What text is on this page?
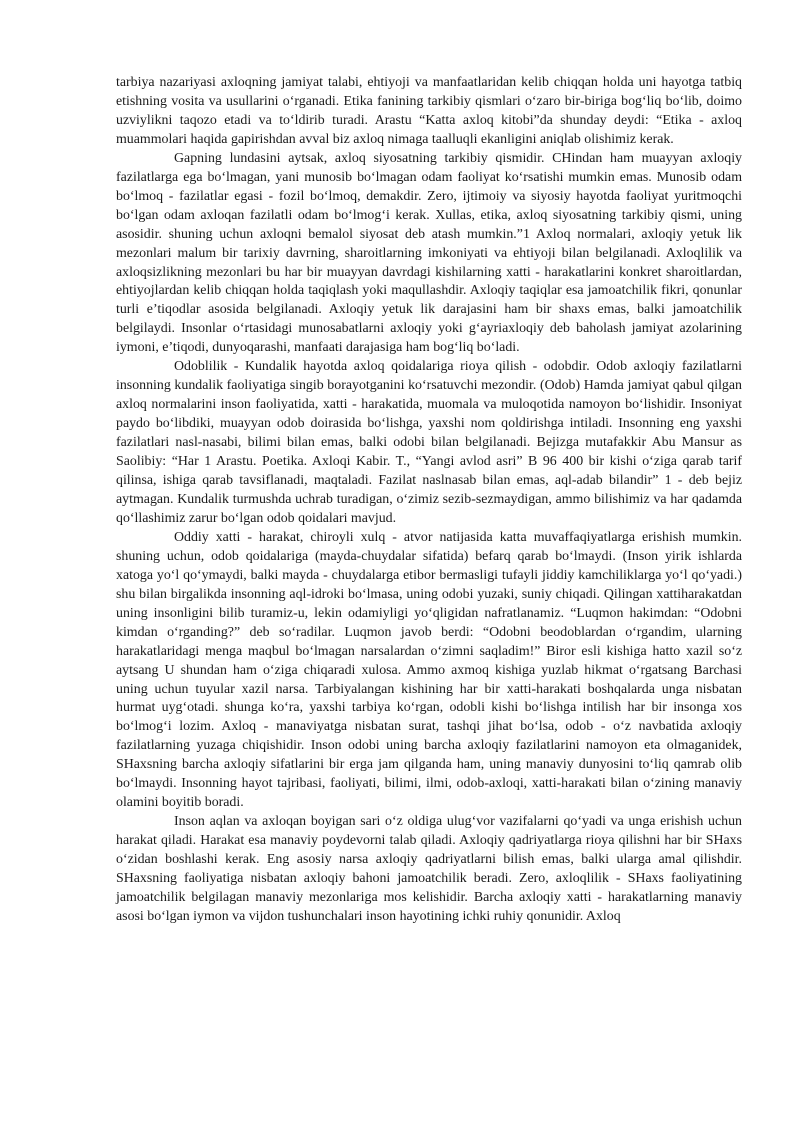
tarbiya nazariyasi axloqning jamiyat talabi, ehtiyoji va manfaatlaridan kelib chiqqan holda uni hayotga tatbiq etishning vosita va usullarini o‘rganadi. Etika fanining tarkibiy qismlari o‘zaro bir-biriga bog‘liq bo‘lib, doimo uzviylikni taqozo etadi va to‘ldirib turadi. Arastu “Katta axloq kitobi”da shunday deydi: “Etika - axloq muammolari haqida gapirishdan avval biz axloq nimaga taalluqli ekanligini aniqlab olishimiz kerak.

Gapning lundasini aytsak, axloq siyosatning tarkibiy qismidir. CHindan ham muayyan axloqiy fazilatlarga ega bo‘lmagan, yani munosib bo‘lmagan odam faoliyat ko‘rsatishi mumkin emas. Munosib odam bo‘lmoq - fazilatlar egasi - fozil bo‘lmoq, demakdir. Zero, ijtimoiy va siyosiy hayotda faoliyat yuritmoqchi bo‘lgan odam axloqan fazilatli odam bo‘lmog‘i kerak. Xullas, etika, axloq siyosatning tarkibiy qismi, uning asosidir. shuning uchun axloqni bemalol siyosat deb atash mumkin.”1 Axloq normalari, axloqiy yetuk lik mezonlari malum bir tarixiy davrning, sharoitlarning imkoniyati va ehtiyoji bilan belgilanadi. Axloqlilik va axloqsizlikning mezonlari bu har bir muayyan davrdagi kishilarning xatti - harakatlarini konkret sharoitlardan, ehtiyojlardan kelib chiqqan holda taqiqlash yoki maqullashdir. Axloqiy taqiqlar esa jamoatchilik fikri, qonunlar turli e’tiqodlar asosida belgilanadi. Axloqiy yetuk lik darajasini ham bir shaxs emas, balki jamoatchilik belgilaydi. Insonlar o‘rtasidagi munosabatlarni axloqiy yoki g‘ayriaxloqiy deb baholash jamiyat azolarining iymoni, e’tiqodi, dunyoqarashi, manfaati darajasiga ham bog‘liq bo‘ladi.

Odoblilik - Kundalik hayotda axloq qoidalariga rioya qilish - odobdir. Odob axloqiy fazilatlarni insonning kundalik faoliyatiga singib borayotganini ko‘rsatuvchi mezondir. (Odob) Hamda jamiyat qabul qilgan axloq normalarini inson faoliyatida, xatti - harakatida, muomala va muloqotida namoyon bo‘lishidir. Insoniyat paydo bo‘libdiki, muayyan odob doirasida bo‘lishga, yaxshi nom qoldirishga intiladi. Insonning eng yaxshi fazilatlari nasl-nasabi, bilimi bilan emas, balki odobi bilan belgilanadi. Bejizga mutafakkir Abu Mansur as Saolibiy: “Har 1 Arastu. Poetika. Axloqi Kabir. T., “Yangi avlod asri” B 96 400 bir kishi o‘ziga qarab tarif qilinsa, ishiga qarab tavsiflanadi, maqtaladi. Fazilat naslnasab bilan emas, aql-adab bilandir” 1 - deb bejiz aytmagan. Kundalik turmushda uchrab turadigan, o‘zimiz sezib-sezmaydigan, ammo bilishimiz va har qadamda qo‘llashimiz zarur bo‘lgan odob qoidalari mavjud.

Oddiy xatti - harakat, chiroyli xulq - atvor natijasida katta muvaffaqiyatlarga erishish mumkin. shuning uchun, odob qoidalariga (mayda-chuydalar sifatida) befarq qarab bo‘lmaydi. (Inson yirik ishlarda xatoga yo‘l qo‘ymaydi, balki mayda - chuydalarga etibor bermasligi tufayli jiddiy kamchiliklarga yo‘l qo‘yadi.) shu bilan birgalikda insonning aql-idroki bo‘lmasa, uning odobi yuzaki, suniy chiqadi. Qilingan xattiharakatdan uning insonligini bilib turamiz-u, lekin odamiyligi yo‘qligidan nafratlanamiz. “Luqmon hakimdan: “Odobni kimdan o‘rganding?” deb so‘radilar. Luqmon javob berdi: “Odobni beodoblardan o‘rgandim, ularning harakatlaridagi menga maqbul bo‘lmagan narsalardan o‘zimni saqladim!” Biror esli kishiga hatto xazil so‘z aytsang U shundan ham o‘ziga chiqaradi xulosa. Ammo axmoq kishiga yuzlab hikmat o‘rgatsang Barchasi uning uchun tuyular xazil narsa. Tarbiyalangan kishining har bir xatti-harakati boshqalarda unga nisbatan hurmat uyg‘otadi. shunga ko‘ra, yaxshi tarbiya ko‘rgan, odobli kishi bo‘lishga intilish har bir insonga xos bo‘lmog‘i lozim. Axloq - manaviyatga nisbatan surat, tashqi jihat bo‘lsa, odob - o‘z navbatida axloqiy fazilatlarning yuzaga chiqishidir. Inson odobi uning barcha axloqiy fazilatlarini namoyon eta olmaganidek, SHaxsning barcha axloqiy sifatlarini bir erga jam qilganda ham, uning manaviy dunyosini to‘liq qamrab olib bo‘lmaydi. Insonning hayot tajribasi, faoliyati, bilimi, ilmi, odob-axloqi, xatti-harakati bilan o‘zining manaviy olamini boyitib boradi.

Inson aqlan va axloqan boyigan sari o‘z oldiga ulug‘vor vazifalarni qo‘yadi va unga erishish uchun harakat qiladi. Harakat esa manaviy poydevorni talab qiladi. Axloqiy qadriyatlarga rioya qilishni har bir SHaxs o‘zidan boshlashi kerak. Eng asosiy narsa axloqiy qadriyatlarni bilish emas, balki ularga amal qilishdir. SHaxsning faoliyatiga nisbatan axloqiy bahoni jamoatchilik beradi. Zero, axloqlilik - SHaxs faoliyatining jamoatchilik belgilagan manaviy mezonlariga mos kelishidir. Barcha axloqiy xatti - harakatlarning manaviy asosi bo‘lgan iymon va vijdon tushunchalari inson hayotining ichki ruhiy qonunidir. Axloq
